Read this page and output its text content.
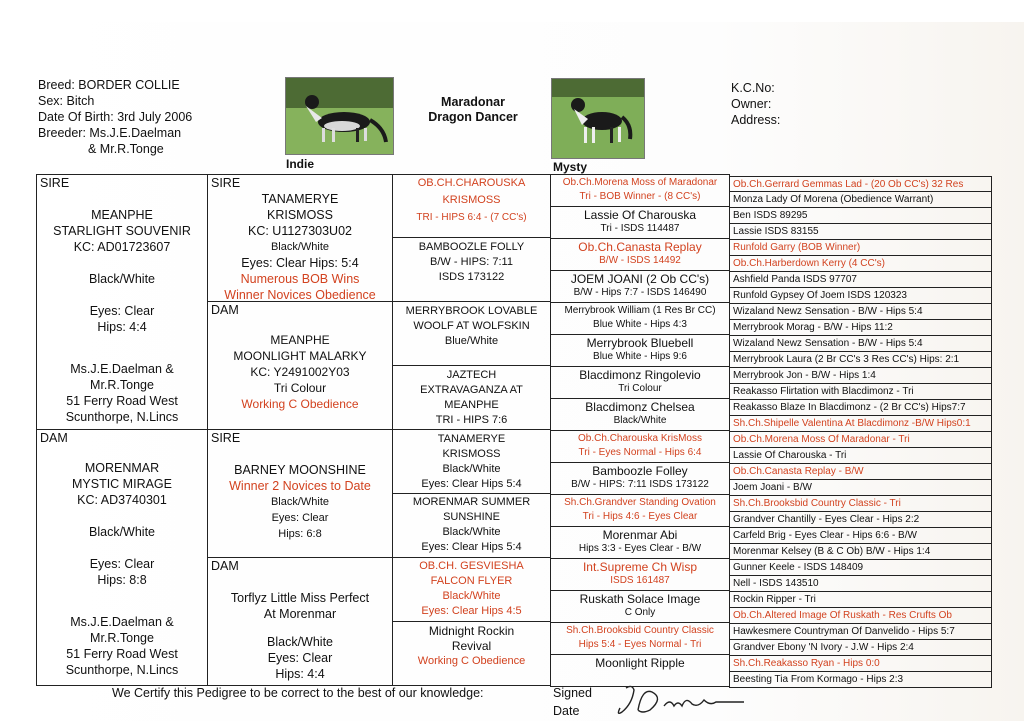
Breed: BORDER COLLIE
Sex: Bitch
Date Of Birth: 3rd July 2006
Breeder: Ms.J.E.Daelman
& Mr.R.Tonge
Indie
Maradonar
Dragon Dancer
Mysty
K.C.No:
Owner:
Address:
SIRE
MEANPHE
STARLIGHT SOUVENIR
KC: AD01723607
Black/White
Eyes: Clear
Hips: 4:4
Ms.J.E.Daelman &
Mr.R.Tonge
51 Ferry Road West
Scunthorpe, N.Lincs
DAM
MORENMAR
MYSTIC MIRAGE
KC: AD3740301
Black/White
Eyes: Clear
Hips: 8:8
Ms.J.E.Daelman &
Mr.R.Tonge
51 Ferry Road West
Scunthorpe, N.Lincs
SIRE
TANAMERYE
KRISMOSS
KC: U1127303U02
Black/White
Eyes: Clear Hips: 5:4
Numerous BOB Wins
Winner Novices Obedience
DAM
MEANPHE
MOONLIGHT MALARKY
KC: Y2491002Y03
Tri Colour
Working C Obedience
SIRE
BARNEY MOONSHINE
Winner 2 Novices to Date
Black/White
Eyes: Clear
Hips: 6:8
DAM
Torflyz Little Miss Perfect
At Morenmar
Black/White
Eyes: Clear
Hips: 4:4
OB.CH.CHAROUSKA
KRISMOSS
TRI - HIPS 6:4 - (7 CC's)
BAMBOOZLE FOLLY
B/W - HIPS: 7:11
ISDS 173122
MERRYBROOK LOVABLE
WOOLF AT WOLFSKIN
Blue/White
JAZTECH
EXTRAVAGANZA AT
MEANPHE
TRI - HIPS 7:6
TANAMERYE
KRISMOSS
Black/White
Eyes: Clear Hips 5:4
MORENMAR SUMMER
SUNSHINE
Black/White
Eyes: Clear Hips 5:4
OB.CH. GESVIESHA
FALCON FLYER
Black/White
Eyes: Clear Hips 4:5
Midnight Rockin
Revival
Working C Obedience
Ob.Ch.Morena Moss of Maradonar
Tri - BOB Winner - (8 CC's)
Lassie Of Charouska
Tri - ISDS 114487
Ob.Ch.Canasta Replay
B/W - ISDS 14492
JOEM JOANI (2 Ob CC's)
B/W - Hips 7:7 - ISDS 146490
Merrybrook William (1 Res Br CC)
Blue White - Hips 4:3
Merrybrook Bluebell
Blue White - Hips 9:6
Blacdimonz Ringolevio
Tri Colour
Blacdimonz Chelsea
Black/White
Ob.Ch.Charouska KrisMoss
Tri - Eyes Normal - Hips 6:4
Bamboozle Folley
B/W - HIPS: 7:11 ISDS 173122
Sh.Ch.Grandver Standing Ovation
Tri - Hips 4:6 - Eyes Clear
Morenmar Abi
Hips 3:3 - Eyes Clear - B/W
Int.Supreme Ch Wisp
ISDS 161487
Ruskath Solace Image
C Only
Sh.Ch.Brooksbid Country Classic
Hips 5:4 - Eyes Normal - Tri
Moonlight Ripple
Ob.Ch.Gerrard Gemmas Lad - (20 Ob CC's) 32 Res
Monza Lady Of Morena (Obedience Warrant)
Ben ISDS 89295
Lassie ISDS 83155
Runfold Garry (BOB Winner)
Ob.Ch.Harberdown Kerry (4 CC's)
Ashfield Panda ISDS 97707
Runfold Gypsey Of Joem ISDS 120323
Wizaland Newz Sensation - B/W - Hips 5:4
Merrybrook Morag - B/W - Hips 11:2
Wizaland Newz Sensation - B/W - Hips 5:4
Merrybrook Laura (2 Br CC's 3 Res CC's) Hips: 2:1
Merrybrook Jon - B/W - Hips 1:4
Reakasso Flirtation with Blacdimonz - Tri
Reakasso Blaze In Blacdimonz - (2 Br CC's) Hips7:7
Sh.Ch.Shipelle Valentina At Blacdimonz -B/W Hips0:1
Ob.Ch.Morena Moss Of Maradonar - Tri
Lassie Of Charouska - Tri
Ob.Ch.Canasta Replay - B/W
Joem Joani - B/W
Sh.Ch.Brooksbid Country Classic - Tri
Grandver Chantilly - Eyes Clear - Hips 2:2
Carfeld Brig - Eyes Clear - Hips 6:6 - B/W
Morenmar Kelsey (B & C Ob) B/W - Hips 1:4
Gunner Keele - ISDS 148409
Nell - ISDS 143510
Rockin Ripper - Tri
Ob.Ch.Altered Image Of Ruskath - Res Crufts Ob
Hawkesmere Countryman Of Danvelido - Hips 5:7
Grandver Ebony 'N Ivory - J.W - Hips 2:4
Sh.Ch.Reakasso Ryan - Hips 0:0
Beesting Tia From Kormago - Hips 2:3
We Certify this Pedigree to be correct to the best of our knowledge:	Signed
Date
